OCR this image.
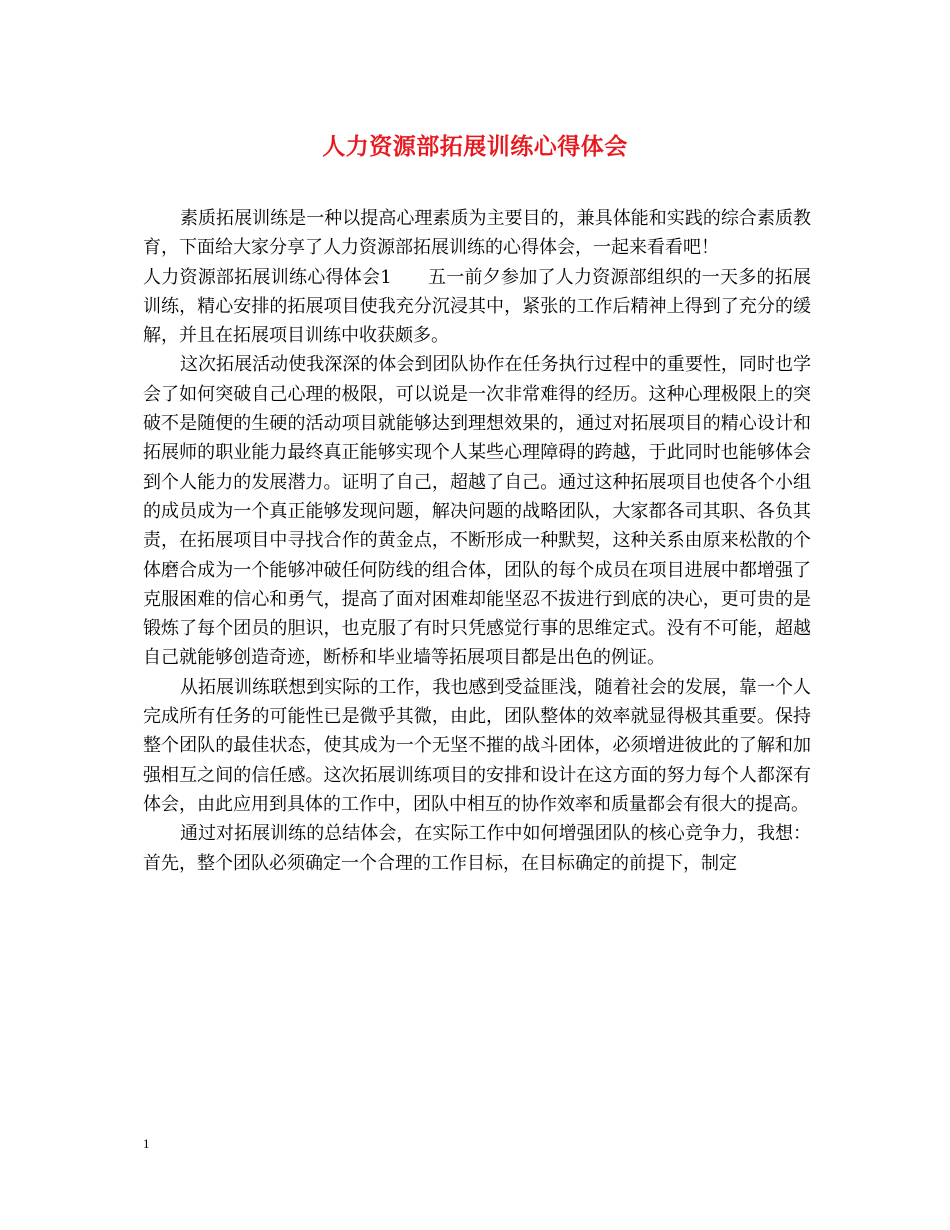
人力资源部拓展训练心得体会

素质拓展训练是一种以提高心理素质为主要目的，兼具体能和实践的综合素质教育，下面给大家分享了人力资源部拓展训练的心得体会，一起来看看吧！

人力资源部拓展训练心得体会1 五一前夕参加了人力资源部组织的一天多的拓展训练，精心安排的拓展项目使我充分沉浸其中，紧张的工作后精神上得到了充分的缓解，并且在拓展项目训练中收获颇多。

这次拓展活动使我深深的体会到团队协作在任务执行过程中的重要性，同时也学会了如何突破自己心理的极限，可以说是一次非常难得的经历。这种心理极限上的突破不是随便的生硬的活动项目就能够达到理想效果的，通过对拓展项目的精心设计和拓展师的职业能力最终真正能够实现个人某些心理障碍的跨越，于此同时也能够体会到个人能力的发展潜力。证明了自己，超越了自己。通过这种拓展项目也使各个小组的成员成为一个真正能够发现问题，解决问题的战略团队，大家都各司其职、各负其责，在拓展项目中寻找合作的黄金点，不断形成一种默契，这种关系由原来松散的个体磨合成为一个能够冲破任何防线的组合体，团队的每个成员在项目进展中都增强了克服困难的信心和勇气，提高了面对困难却能坚忍不拔进行到底的决心，更可贵的是锻炼了每个团员的胆识，也克服了有时只凭感觉行事的思维定式。没有不可能，超越自己就能够创造奇迹，断桥和毕业墙等拓展项目都是出色的例证。

从拓展训练联想到实际的工作，我也感到受益匪浅，随着社会的发展，靠一个人完成所有任务的可能性已是微乎其微，由此，团队整体的效率就显得极其重要。保持整个团队的最佳状态，使其成为一个无坚不摧的战斗团体，必须增进彼此的了解和加强相互之间的信任感。这次拓展训练项目的安排和设计在这方面的努力每个人都深有体会，由此应用到具体的工作中，团队中相互的协作效率和质量都会有很大的提高。

通过对拓展训练的总结体会，在实际工作中如何增强团队的核心竞争力，我想：首先，整个团队必须确定一个合理的工作目标，在目标确定的前提下，制定

1
